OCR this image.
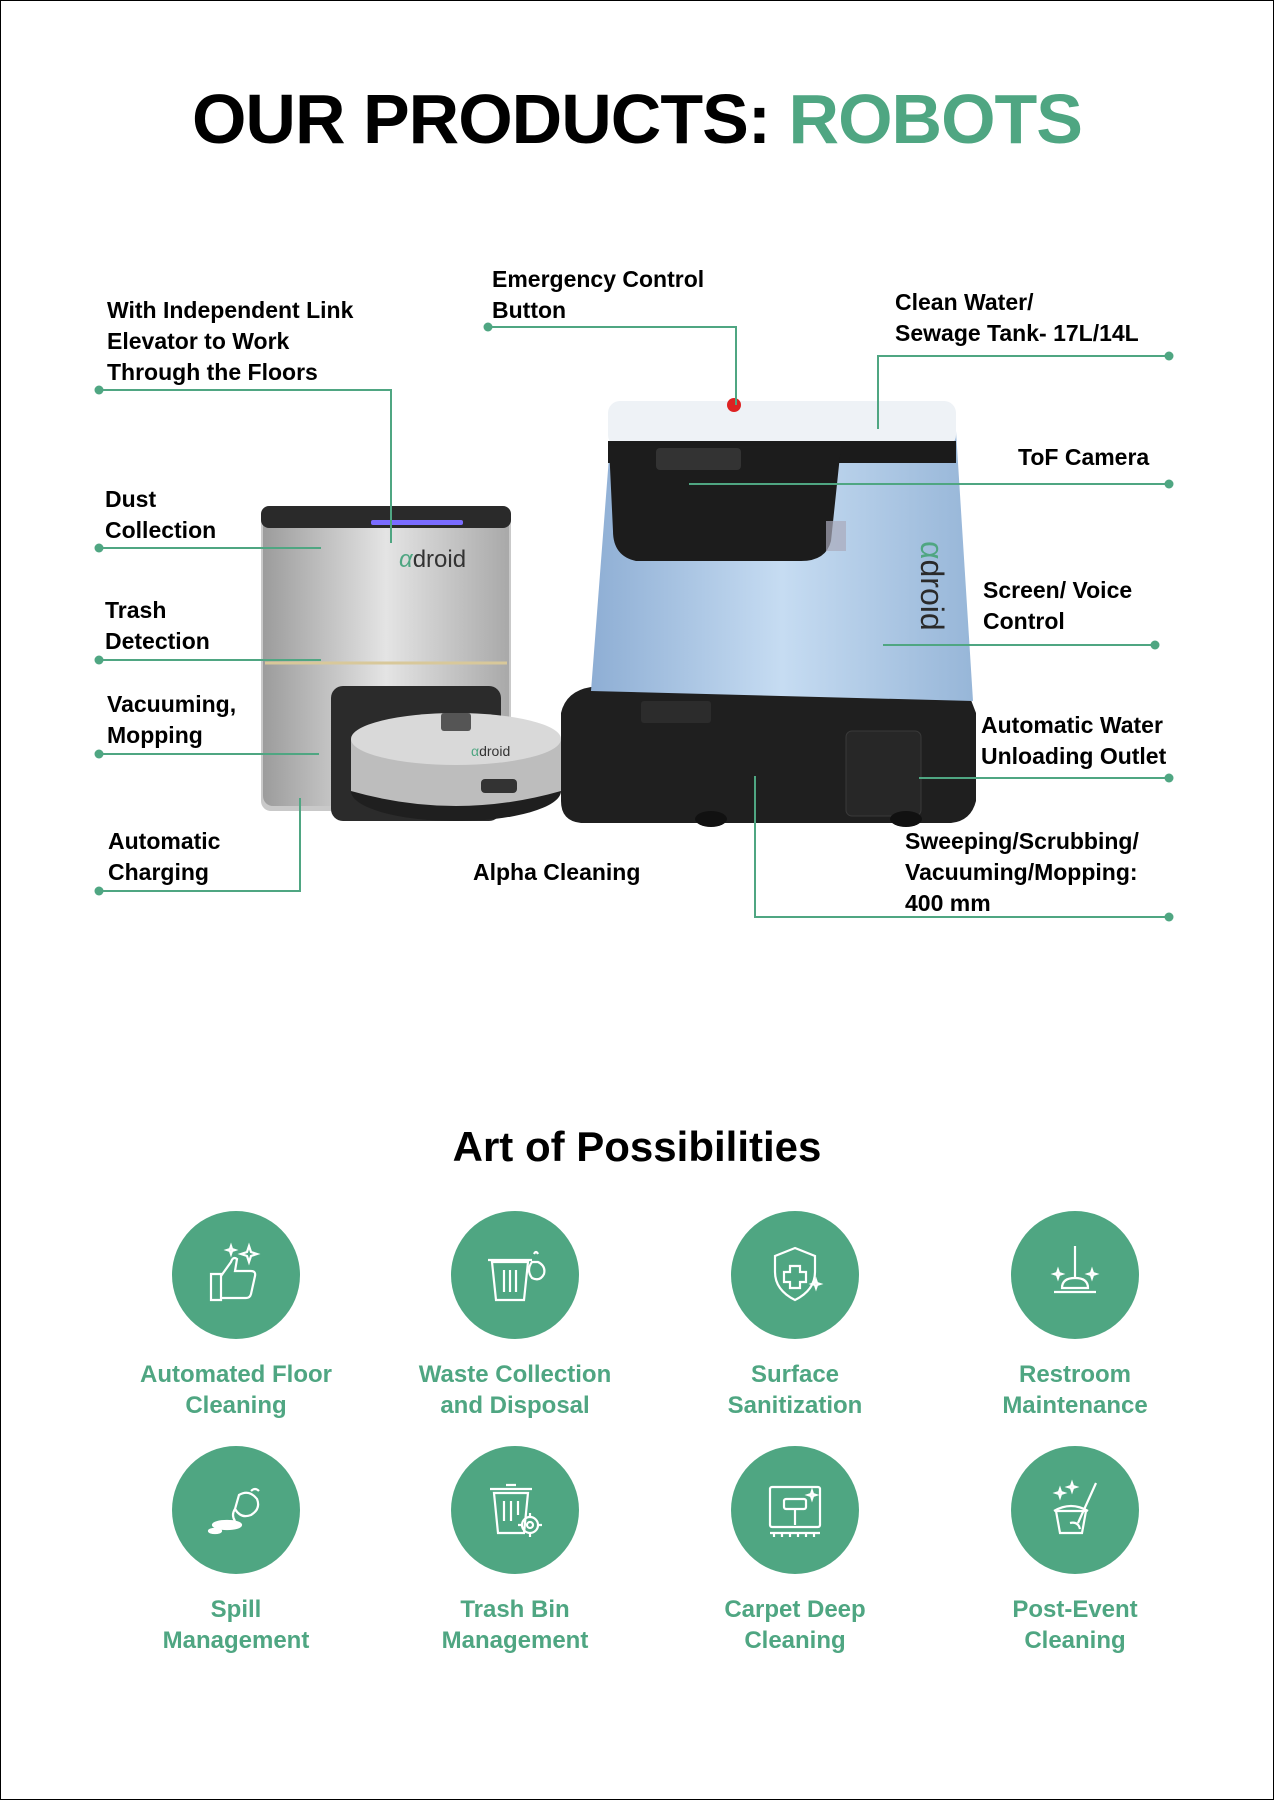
OUR PRODUCTS: ROBOTS
αdroid
αdroid
αdroid
With Independent Link
Elevator to Work
Through the Floors
Emergency Control
Button	Clean Water/
Sewage Tank- 17L/14L
Dust
Collection
ToF Camera
Trash
Detection
Screen/ Voice
Control
Vacuuming,
Mopping	Automatic Water
Unloading Outlet
Automatic
Charging	Alpha Cleaning
Sweeping/Scrubbing/
Vacuuming/Mopping:
400 mm
Art of Possibilities
Automated Floor
Cleaning
Waste Collection
and Disposal
Surface
Sanitization
Restroom
Maintenance
Spill
Management
Trash Bin
Management
Carpet Deep
Cleaning
Post-Event
Cleaning
